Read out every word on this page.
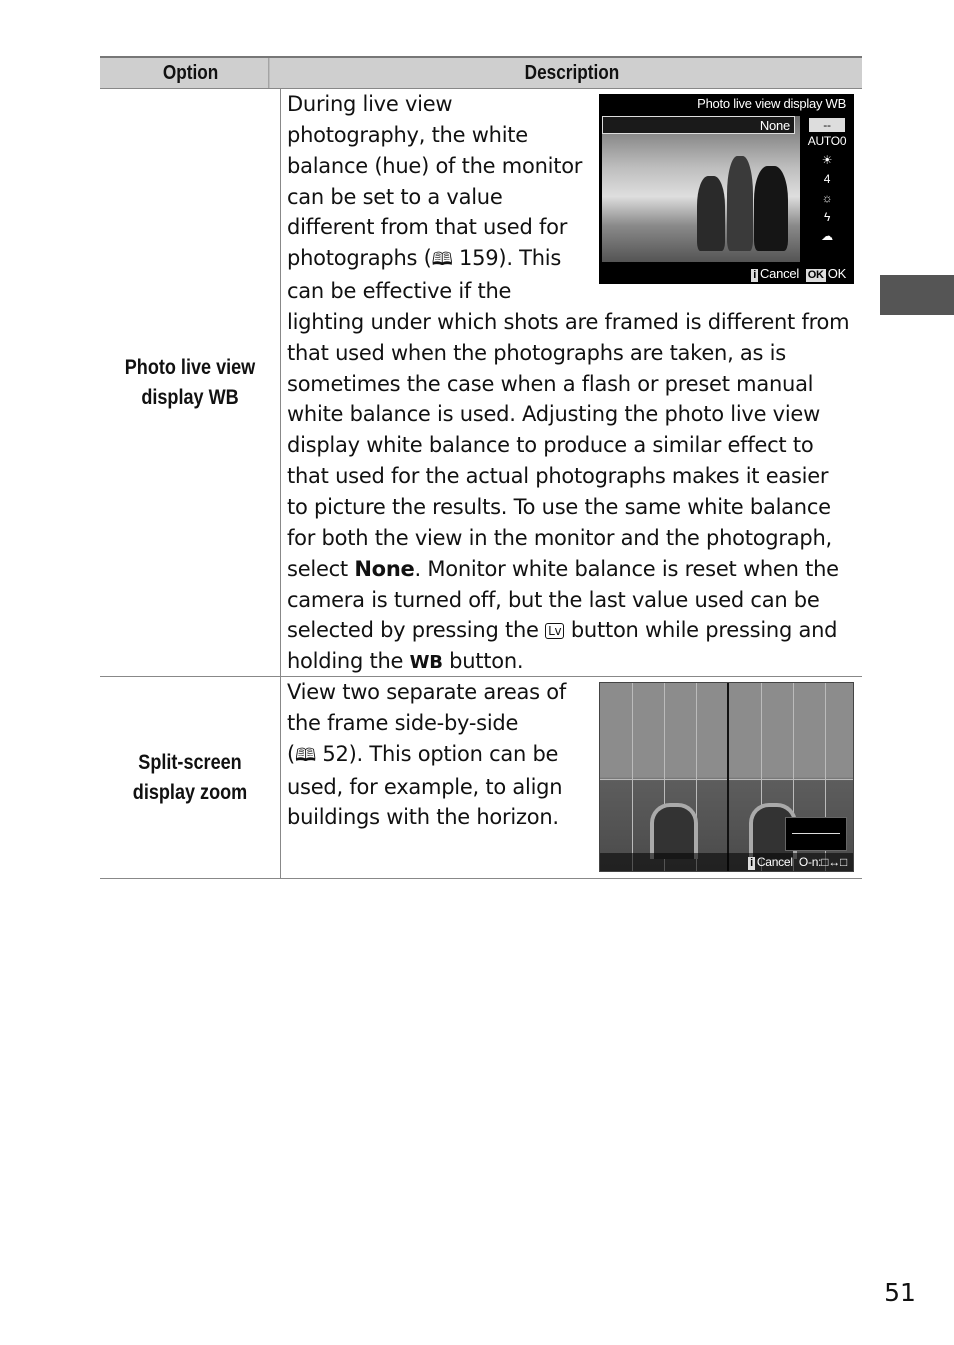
Option	Description
Photo live view display WB
Photo live view display WB
None	--
AUTO0
☀
4
☼
ϟ
☁
i Cancel OK OK
During live view photography, the white balance (hue) of the monitor can be set to a value different from that used for photographs (🕮 159). This can be effective if the lighting under which shots are framed is different from that used when the photographs are taken, as is sometimes the case when a flash or preset manual white balance is used. Adjusting the photo live view display white balance to produce a similar effect to that used for the actual photographs makes it easier to picture the results. To use the same white balance for both the view in the monitor and the photograph, select None. Monitor white balance is reset when the camera is turned off, but the last value used can be selected by pressing the Lv button while pressing and holding the WB button.
Split-screen display zoom
i Cancel O-n:□↔□
View two separate areas of the frame side-by-side (🕮 52). This option can be used, for example, to align buildings with the horizon.
51
